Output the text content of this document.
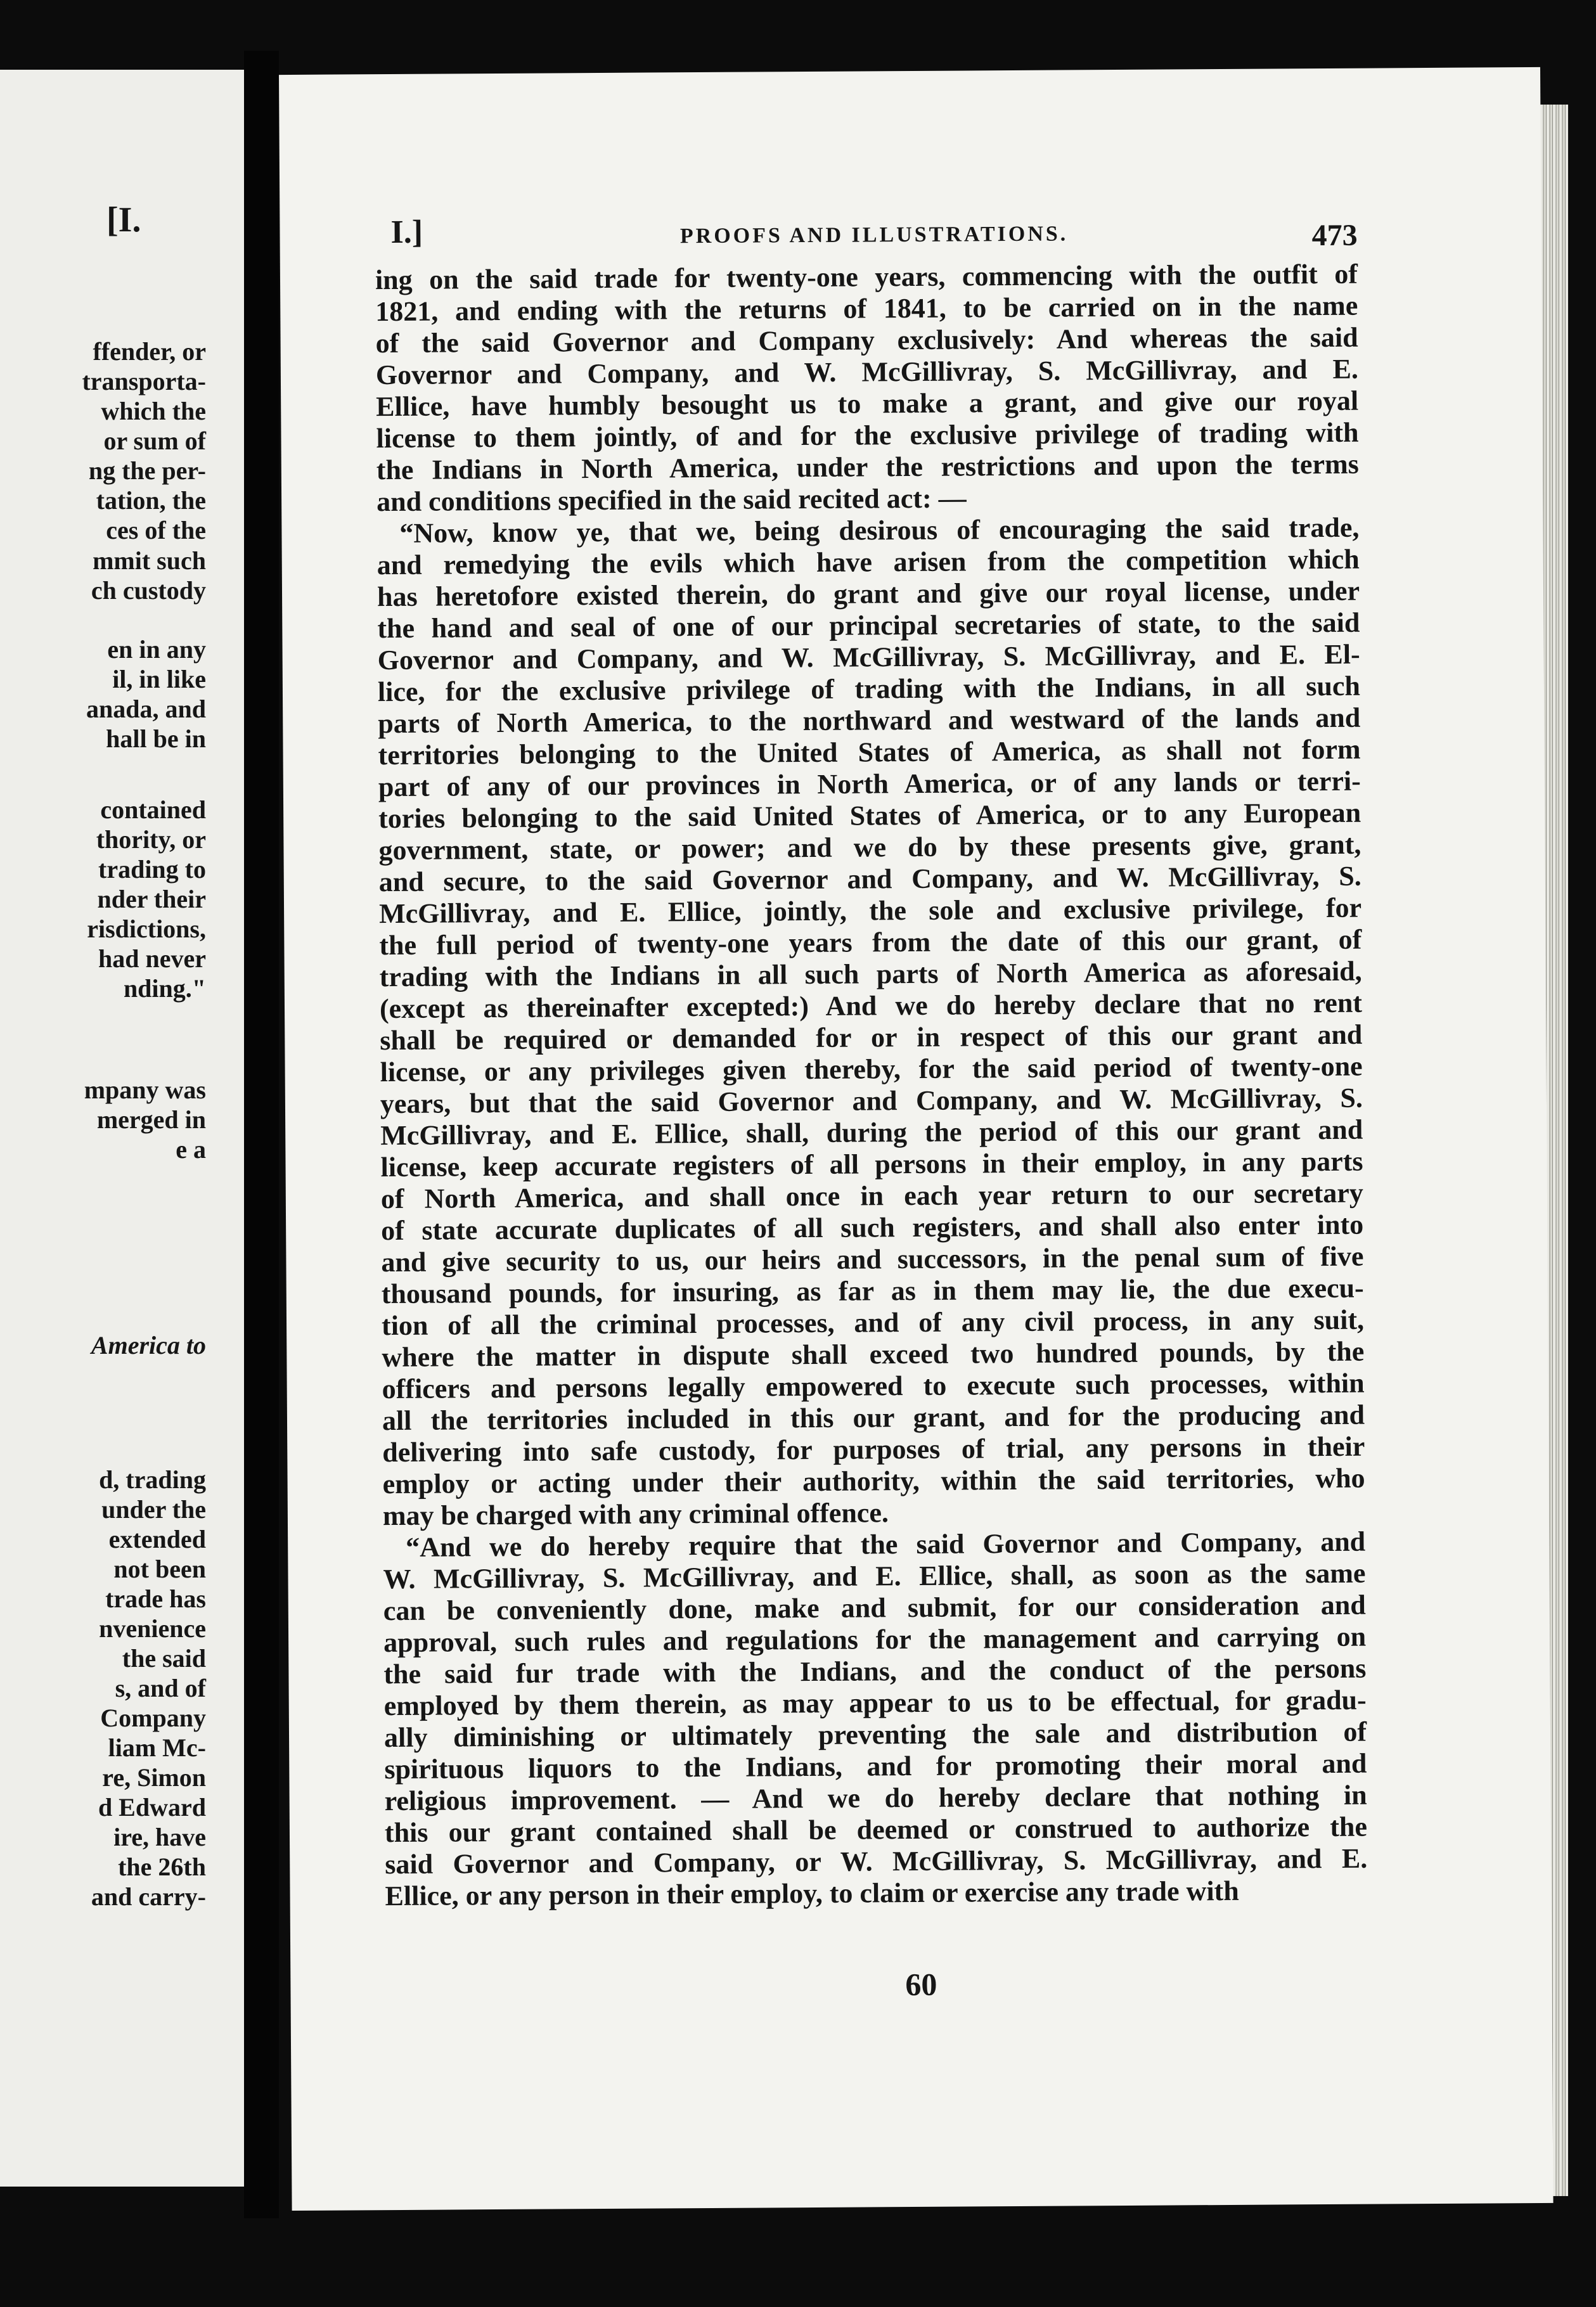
[I.
ffender, or
transporta-
which the
or sum of
ng the per-
tation, the
ces of the
mmit such
ch custody
en in any
il, in like
anada, and
hall be in
contained
thority, or
trading to
nder their
risdictions,
had never
nding."
mpany was
merged in
e a
America to
d, trading
under the
extended
not been
trade has
nvenience
the said
s, and of
Company
liam Mc-
re, Simon
d Edward
ire, have
the 26th
and carry-
I.]	PROOFS AND ILLUSTRATIONS.	473
ing on the said trade for twenty-one years, commencing with the outfit of
1821, and ending with the returns of 1841, to be carried on in the name
of the said Governor and Company exclusively: And whereas the said
Governor and Company, and W. McGillivray, S. McGillivray, and E.
Ellice, have humbly besought us to make a grant, and give our royal
license to them jointly, of and for the exclusive privilege of trading with
the Indians in North America, under the restrictions and upon the terms
and conditions specified in the said recited act: —
“Now, know ye, that we, being desirous of encouraging the said trade,
and remedying the evils which have arisen from the competition which
has heretofore existed therein, do grant and give our royal license, under
the hand and seal of one of our principal secretaries of state, to the said
Governor and Company, and W. McGillivray, S. McGillivray, and E. El-
lice, for the exclusive privilege of trading with the Indians, in all such
parts of North America, to the northward and westward of the lands and
territories belonging to the United States of America, as shall not form
part of any of our provinces in North America, or of any lands or terri-
tories belonging to the said United States of America, or to any European
government, state, or power; and we do by these presents give, grant,
and secure, to the said Governor and Company, and W. McGillivray, S.
McGillivray, and E. Ellice, jointly, the sole and exclusive privilege, for
the full period of twenty-one years from the date of this our grant, of
trading with the Indians in all such parts of North America as aforesaid,
(except as thereinafter excepted:) And we do hereby declare that no rent
shall be required or demanded for or in respect of this our grant and
license, or any privileges given thereby, for the said period of twenty-one
years, but that the said Governor and Company, and W. McGillivray, S.
McGillivray, and E. Ellice, shall, during the period of this our grant and
license, keep accurate registers of all persons in their employ, in any parts
of North America, and shall once in each year return to our secretary
of state accurate duplicates of all such registers, and shall also enter into
and give security to us, our heirs and successors, in the penal sum of five
thousand pounds, for insuring, as far as in them may lie, the due execu-
tion of all the criminal processes, and of any civil process, in any suit,
where the matter in dispute shall exceed two hundred pounds, by the
officers and persons legally empowered to execute such processes, within
all the territories included in this our grant, and for the producing and
delivering into safe custody, for purposes of trial, any persons in their
employ or acting under their authority, within the said territories, who
may be charged with any criminal offence.
“And we do hereby require that the said Governor and Company, and
W. McGillivray, S. McGillivray, and E. Ellice, shall, as soon as the same
can be conveniently done, make and submit, for our consideration and
approval, such rules and regulations for the management and carrying on
the said fur trade with the Indians, and the conduct of the persons
employed by them therein, as may appear to us to be effectual, for gradu-
ally diminishing or ultimately preventing the sale and distribution of
spirituous liquors to the Indians, and for promoting their moral and
religious improvement. — And we do hereby declare that nothing in
this our grant contained shall be deemed or construed to authorize the
said Governor and Company, or W. McGillivray, S. McGillivray, and E.
Ellice, or any person in their employ, to claim or exercise any trade with
60
